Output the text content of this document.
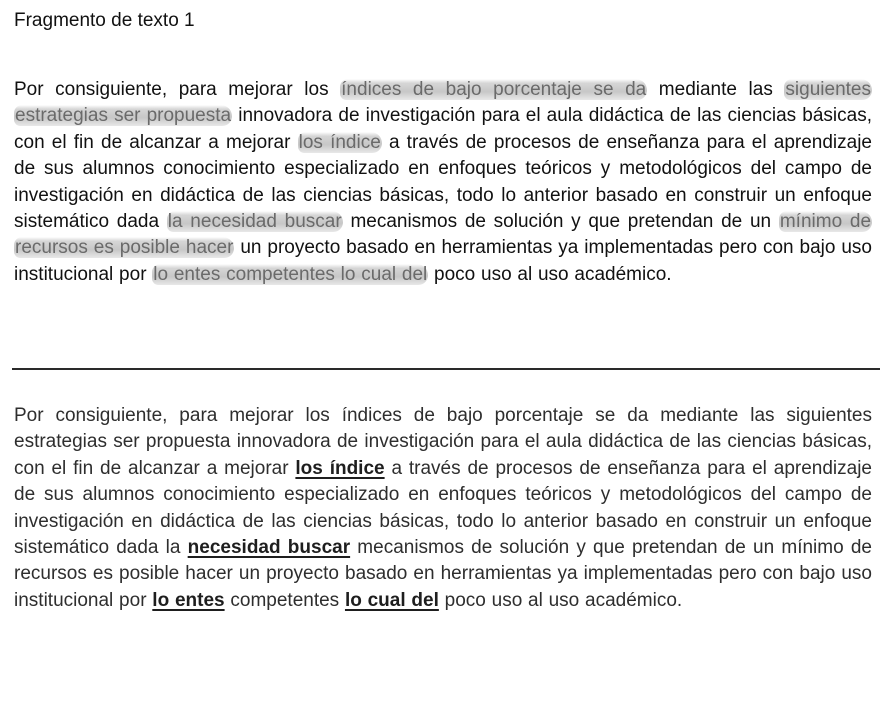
Fragmento de texto 1

Por consiguiente, para mejorar los índices de bajo porcentaje se da mediante las siguientes estrategias ser propuesta innovadora de investigación para el aula didáctica de las ciencias básicas, con el fin de alcanzar a mejorar los índice a través de procesos de enseñanza para el aprendizaje de sus alumnos conocimiento especializado en enfoques teóricos y metodológicos del campo de investigación en didáctica de las ciencias básicas, todo lo anterior basado en construir un enfoque sistemático dada la necesidad buscar mecanismos de solución y que pretendan de un mínimo de recursos es posible hacer un proyecto basado en herramientas ya implementadas pero con bajo uso institucional por lo entes competentes lo cual del poco uso al uso académico.

Por consiguiente, para mejorar los índices de bajo porcentaje se da mediante las siguientes estrategias ser propuesta innovadora de investigación para el aula didáctica de las ciencias básicas, con el fin de alcanzar a mejorar los índice a través de procesos de enseñanza para el aprendizaje de sus alumnos conocimiento especializado en enfoques teóricos y metodológicos del campo de investigación en didáctica de las ciencias básicas, todo lo anterior basado en construir un enfoque sistemático dada la necesidad buscar mecanismos de solución y que pretendan de un mínimo de recursos es posible hacer un proyecto basado en herramientas ya implementadas pero con bajo uso institucional por lo entes competentes lo cual del poco uso al uso académico.
